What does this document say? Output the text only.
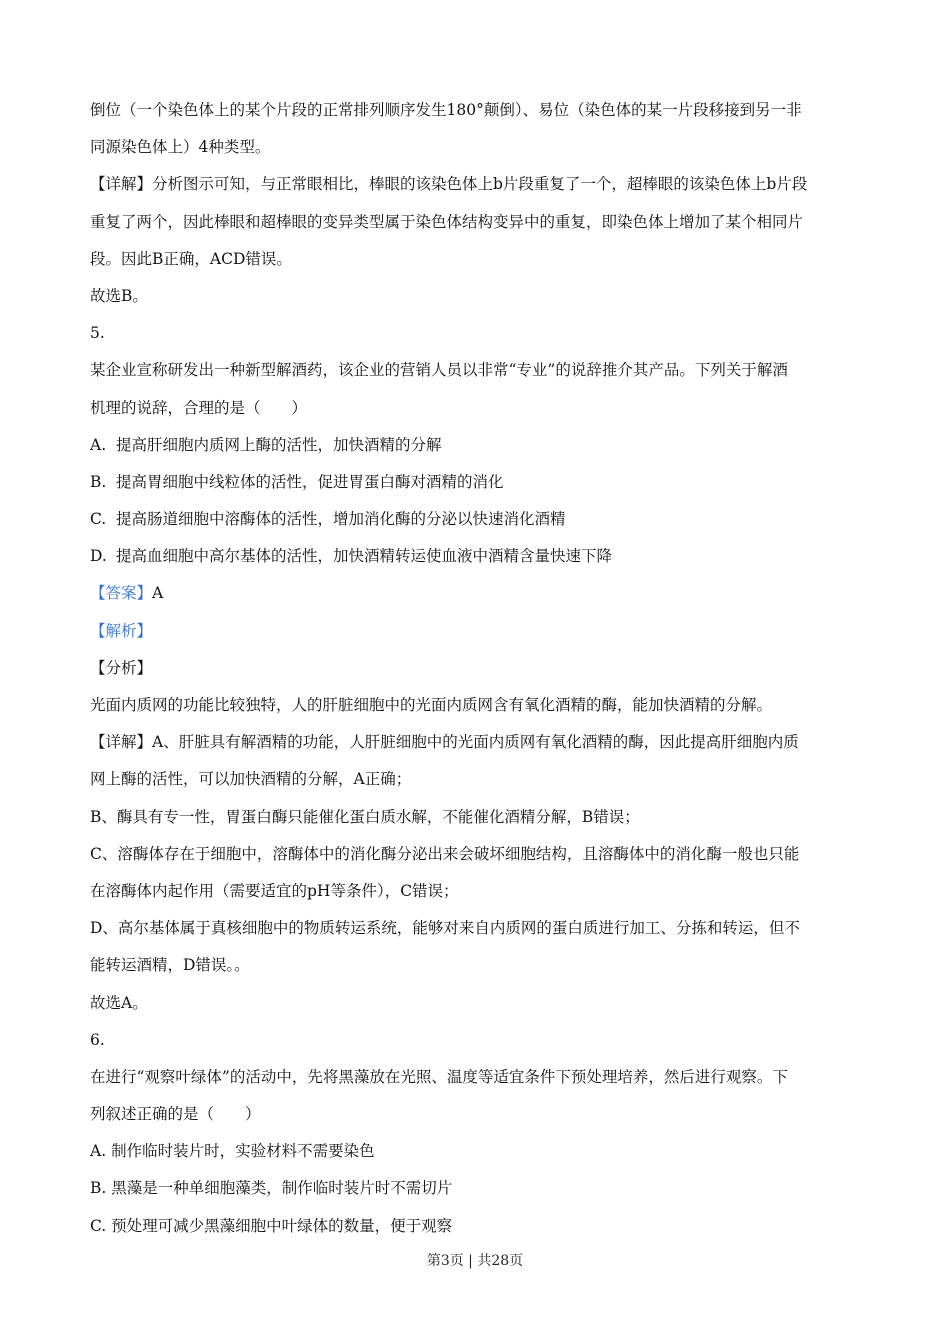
倒位（一个染色体上的某个片段的正常排列顺序发生180°颠倒）、易位（染色体的某一片段移接到另一非
同源染色体上）4种类型。
【详解】分析图示可知，与正常眼相比，棒眼的该染色体上b片段重复了一个，超棒眼的该染色体上b片段
重复了两个，因此棒眼和超棒眼的变异类型属于染色体结构变异中的重复，即染色体上增加了某个相同片
段。因此B正确，ACD错误。
故选B。
5.
某企业宣称研发出一种新型解酒药，该企业的营销人员以非常“专业”的说辞推介其产品。下列关于解酒
机理的说辞，合理的是（　　）
A. 提高肝细胞内质网上酶的活性，加快酒精的分解
B. 提高胃细胞中线粒体的活性，促进胃蛋白酶对酒精的消化
C. 提高肠道细胞中溶酶体的活性，增加消化酶的分泌以快速消化酒精
D. 提高血细胞中高尔基体的活性，加快酒精转运使血液中酒精含量快速下降
【答案】A
【解析】
【分析】
光面内质网的功能比较独特，人的肝脏细胞中的光面内质网含有氧化酒精的酶，能加快酒精的分解。
【详解】A、肝脏具有解酒精的功能，人肝脏细胞中的光面内质网有氧化酒精的酶，因此提高肝细胞内质
网上酶的活性，可以加快酒精的分解，A正确；
B、酶具有专一性，胃蛋白酶只能催化蛋白质水解，不能催化酒精分解，B错误；
C、溶酶体存在于细胞中，溶酶体中的消化酶分泌出来会破坏细胞结构，且溶酶体中的消化酶一般也只能
在溶酶体内起作用（需要适宜的pH等条件），C错误；
D、高尔基体属于真核细胞中的物质转运系统，能够对来自内质网的蛋白质进行加工、分拣和转运，但不
能转运酒精，D错误。。
故选A。
6.
在进行“观察叶绿体”的活动中，先将黑藻放在光照、温度等适宜条件下预处理培养，然后进行观察。下
列叙述正确的是（　　）
A. 制作临时装片时，实验材料不需要染色
B. 黑藻是一种单细胞藻类，制作临时装片时不需切片
C. 预处理可减少黑藻细胞中叶绿体的数量，便于观察
第3页 | 共28页
